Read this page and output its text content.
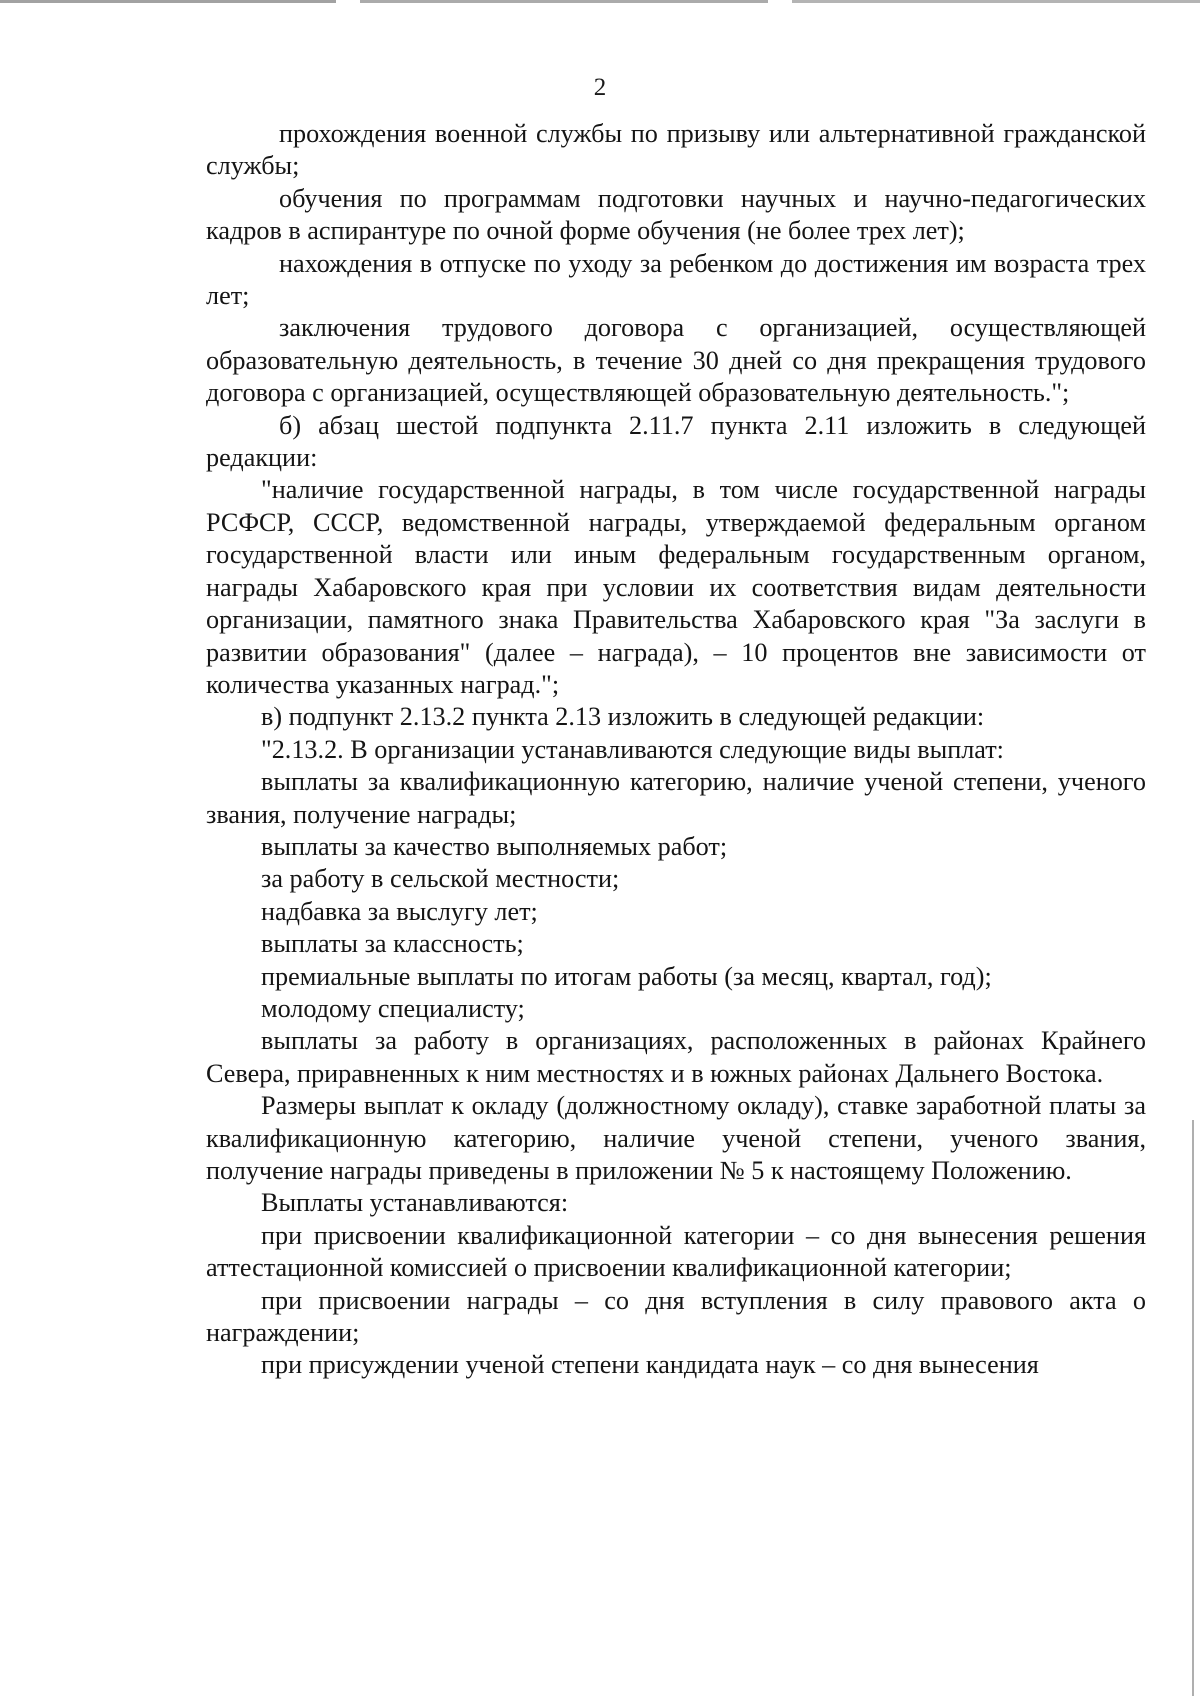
2

прохождения военной службы по призыву или альтернативной гражданской службы;

обучения по программам подготовки научных и научно-педагогических кадров в аспирантуре по очной форме обучения (не более трех лет);

нахождения в отпуске по уходу за ребенком до достижения им возраста трех лет;

заключения трудового договора с организацией, осуществляющей образовательную деятельность, в течение 30 дней со дня прекращения трудового договора с организацией, осуществляющей образовательную деятельность.";

б) абзац шестой подпункта 2.11.7 пункта 2.11 изложить в следующей редакции:

"наличие государственной награды, в том числе государственной награды РСФСР, СССР, ведомственной награды, утверждаемой федеральным органом государственной власти или иным федеральным государственным органом, награды Хабаровского края при условии их соответствия видам деятельности организации, памятного знака Правительства Хабаровского края "За заслуги в развитии образования" (далее – награда), – 10 процентов вне зависимости от количества указанных наград.";

в) подпункт 2.13.2 пункта 2.13 изложить в следующей редакции:

"2.13.2. В организации устанавливаются следующие виды выплат:

выплаты за квалификационную категорию, наличие ученой степени, ученого звания, получение награды;

выплаты за качество выполняемых работ;

за работу в сельской местности;

надбавка за выслугу лет;

выплаты за классность;

премиальные выплаты по итогам работы (за месяц, квартал, год);

молодому специалисту;

выплаты за работу в организациях, расположенных в районах Крайнего Севера, приравненных к ним местностях и в южных районах Дальнего Востока.

Размеры выплат к окладу (должностному окладу), ставке заработной платы за квалификационную категорию, наличие ученой степени, ученого звания, получение награды приведены в приложении № 5 к настоящему Положению.

Выплаты устанавливаются:

при присвоении квалификационной категории – со дня вынесения решения аттестационной комиссией о присвоении квалификационной категории;

при присвоении награды – со дня вступления в силу правового акта о награждении;

при присуждении ученой степени кандидата наук – со дня вынесения
